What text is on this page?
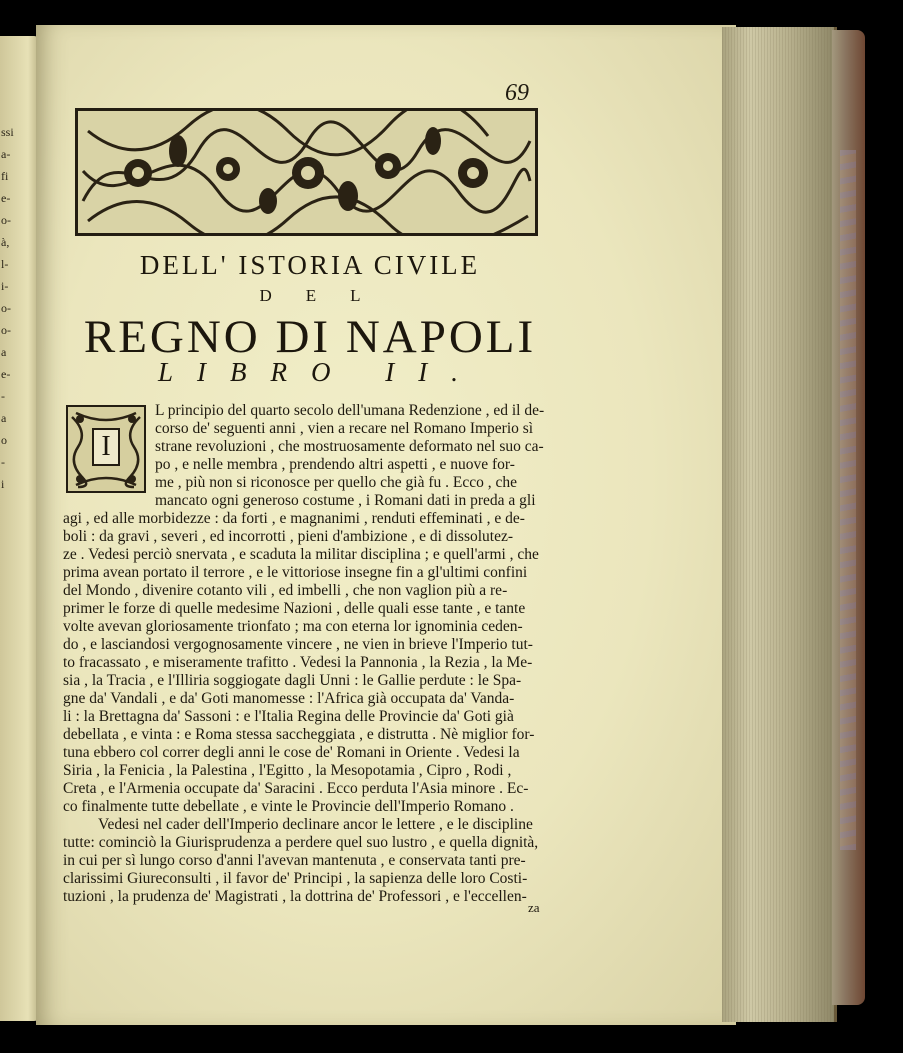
ssi
a-
fi
e-
o-
à,
l-
i-
o-
o-
a
e-
-
a
o
-
i
69
DELL' ISTORIA CIVILE
DEL
REGNO DI NAPOLI
LIBRO II.
I
L principio del quarto secolo dell'umana Redenzione , ed il de-
corso de' seguenti anni , vien a recare nel Romano Imperio sì
strane revoluzioni , che mostruosamente deformato nel suo ca-
po , e nelle membra , prendendo altri aspetti , e nuove for-
me , più non si riconosce per quello che già fu . Ecco , che
mancato ogni generoso costume , i Romani dati in preda a gli
agi , ed alle morbidezze : da forti , e magnanimi , renduti effeminati , e de-
boli : da gravi , severi , ed incorrotti , pieni d'ambizione , e di dissolutez-
ze . Vedesi perciò snervata , e scaduta la militar disciplina ; e quell'armi , che
prima avean portato il terrore , e le vittoriose insegne fin a gl'ultimi confini
del Mondo , divenire cotanto vili , ed imbelli , che non vaglion più a re-
primer le forze di quelle medesime Nazioni , delle quali esse tante , e tante
volte avevan gloriosamente trionfato ; ma con eterna lor ignominia ceden-
do , e lasciandosi vergognosamente vincere , ne vien in brieve l'Imperio tut-
to fracassato , e miseramente trafitto . Vedesi la Pannonia , la Rezia , la Me-
sia , la Tracia , e l'Illiria soggiogate dagli Unni : le Gallie perdute : le Spa-
gne da' Vandali , e da' Goti manomesse : l'Africa già occupata da' Vanda-
li : la Brettagna da' Sassoni : e l'Italia Regina delle Provincie da' Goti già
debellata , e vinta : e Roma stessa saccheggiata , e distrutta . Nè miglior for-
tuna ebbero col correr degli anni le cose de' Romani in Oriente . Vedesi la
Siria , la Fenicia , la Palestina , l'Egitto , la Mesopotamia , Cipro , Rodi ,
Creta , e l'Armenia occupate da' Saracini . Ecco perduta l'Asia minore . Ec-
co finalmente tutte debellate , e vinte le Provincie dell'Imperio Romano .
Vedesi nel cader dell'Imperio declinare ancor le lettere , e le discipline
tutte: cominciò la Giurisprudenza a perdere quel suo lustro , e quella dignità,
in cui per sì lungo corso d'anni l'avevan mantenuta , e conservata tanti pre-
clarissimi Giureconsulti , il favor de' Principi , la sapienza delle loro Costi-
tuzioni , la prudenza de' Magistrati , la dottrina de' Professori , e l'eccellen-
za
